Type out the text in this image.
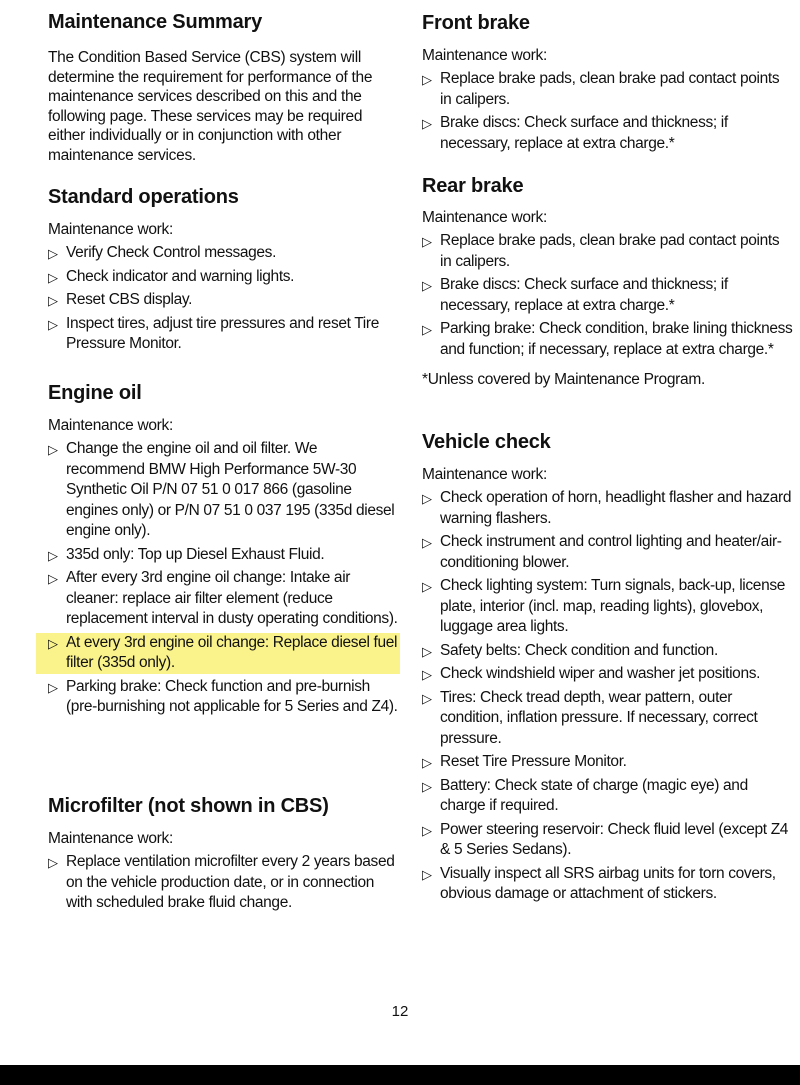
Maintenance Summary

The Condition Based Service (CBS) system will determine the requirement for performance of the maintenance services described on this and the following page. These services may be required either individually or in conjunction with other maintenance services.

Standard operations

Maintenance work:

▷ Verify Check Control messages.
▷ Check indicator and warning lights.
▷ Reset CBS display.
▷ Inspect tires, adjust tire pressures and reset Tire Pressure Monitor.
Engine oil

Maintenance work:

▷ Change the engine oil and oil filter. We recommend BMW High Performance 5W-30 Synthetic Oil P/N 07 51 0 017 866 (gasoline engines only) or P/N 07 51 0 037 195 (335d diesel engine only).
▷ 335d only: Top up Diesel Exhaust Fluid.
▷ After every 3rd engine oil change: Intake air cleaner: replace air filter element (reduce replacement interval in dusty operating conditions).
▷ At every 3rd engine oil change: Replace diesel fuel filter (335d only).
▷ Parking brake: Check function and pre-burnish (pre-burnishing not applicable for 5 Series and Z4).
Microfilter (not shown in CBS)

Maintenance work:

▷ Replace ventilation microfilter every 2 years based on the vehicle production date, or in connection with scheduled brake fluid change.
Front brake

Maintenance work:

▷ Replace brake pads, clean brake pad contact points in calipers.
▷ Brake discs: Check surface and thickness; if necessary, replace at extra charge.*
Rear brake

Maintenance work:

▷ Replace brake pads, clean brake pad contact points in calipers.
▷ Brake discs: Check surface and thickness; if necessary, replace at extra charge.*
▷ Parking brake: Check condition, brake lining thickness and function; if necessary, replace at extra charge.*

*Unless covered by Maintenance Program.

Vehicle check

Maintenance work:

▷ Check operation of horn, headlight flasher and hazard warning flashers.
▷ Check instrument and control lighting and heater/air-conditioning blower.
▷ Check lighting system: Turn signals, back-up, license plate, interior (incl. map, reading lights), glovebox, luggage area lights.
▷ Safety belts: Check condition and function.
▷ Check windshield wiper and washer jet positions.
▷ Tires: Check tread depth, wear pattern, outer condition, inflation pressure. If necessary, correct pressure.
▷ Reset Tire Pressure Monitor.
▷ Battery: Check state of charge (magic eye) and charge if required.
▷ Power steering reservoir: Check fluid level (except Z4 & 5 Series Sedans).
▷ Visually inspect all SRS airbag units for torn covers, obvious damage or attachment of stickers.
12
